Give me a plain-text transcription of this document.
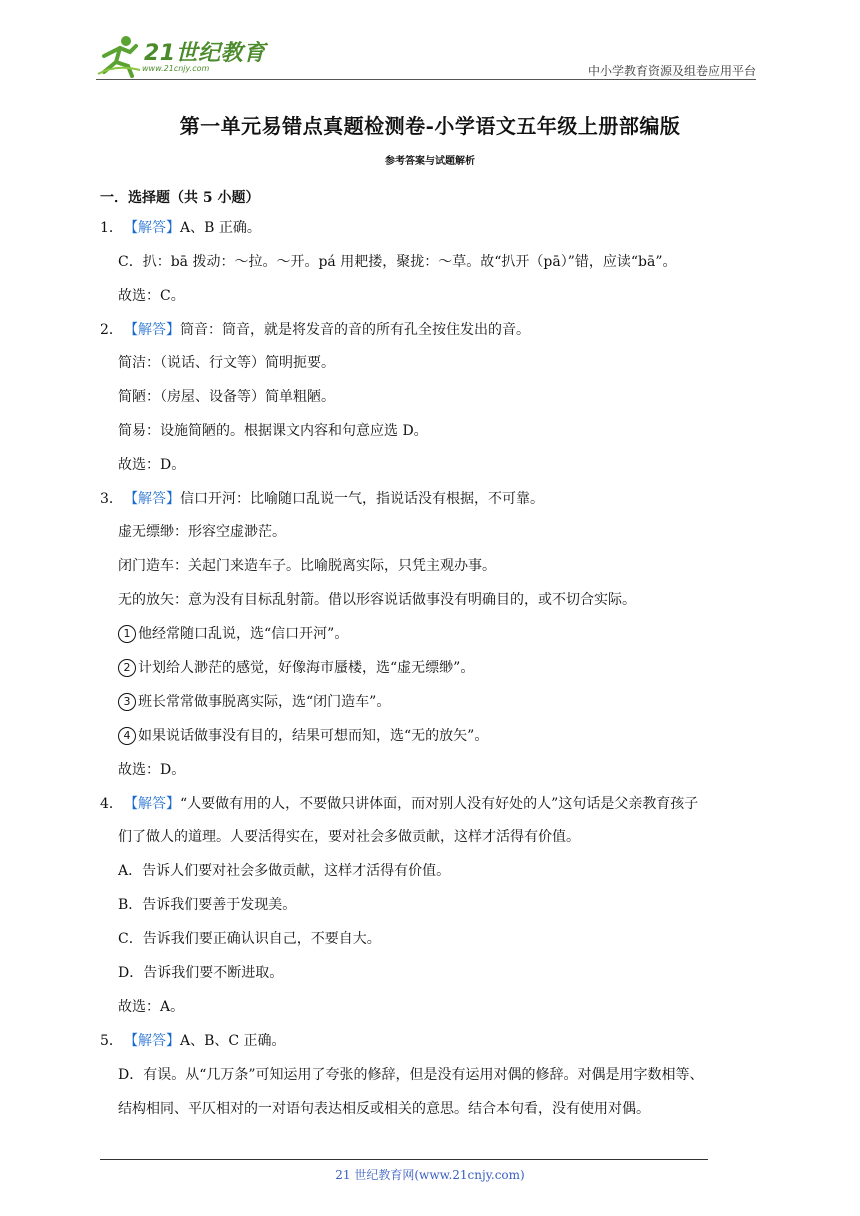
21世纪教育
www.21cnjy.com	中小学教育资源及组卷应用平台
第一单元易错点真题检测卷-小学语文五年级上册部编版
参考答案与试题解析
一．选择题（共 5 小题）
1．【解答】A、B 正确。
C．扒：bā 拨动：～拉。～开。pá 用耙搂，聚拢：～草。故“扒开（pā）”错，应读“bā”。
故选：C。
2．【解答】筒音：筒音，就是将发音的音的所有孔全按住发出的音。
简洁：（说话、行文等）简明扼要。
简陋：（房屋、设备等）简单粗陋。
简易：设施简陋的。根据课文内容和句意应选 D。
故选：D。
3．【解答】信口开河：比喻随口乱说一气，指说话没有根据，不可靠。
虚无缥缈：形容空虚渺茫。
闭门造车：关起门来造车子。比喻脱离实际，只凭主观办事。
无的放矢：意为没有目标乱射箭。借以形容说话做事没有明确目的，或不切合实际。
1 他经常随口乱说，选“信口开河”。
2 计划给人渺茫的感觉，好像海市蜃楼，选“虚无缥缈”。
3 班长常常做事脱离实际，选“闭门造车”。
4 如果说话做事没有目的，结果可想而知，选“无的放矢”。
故选：D。
4．【解答】“人要做有用的人，不要做只讲体面，而对别人没有好处的人”这句话是父亲教育孩子
们了做人的道理。人要活得实在，要对社会多做贡献，这样才活得有价值。
A．告诉人们要对社会多做贡献，这样才活得有价值。
B．告诉我们要善于发现美。
C．告诉我们要正确认识自己，不要自大。
D．告诉我们要不断进取。
故选：A。
5．【解答】A、B、C 正确。
D．有误。从“几万条”可知运用了夸张的修辞，但是没有运用对偶的修辞。对偶是用字数相等、
结构相同、平仄相对的一对语句表达相反或相关的意思。结合本句看，没有使用对偶。
21 世纪教育网(www.21cnjy.com)
